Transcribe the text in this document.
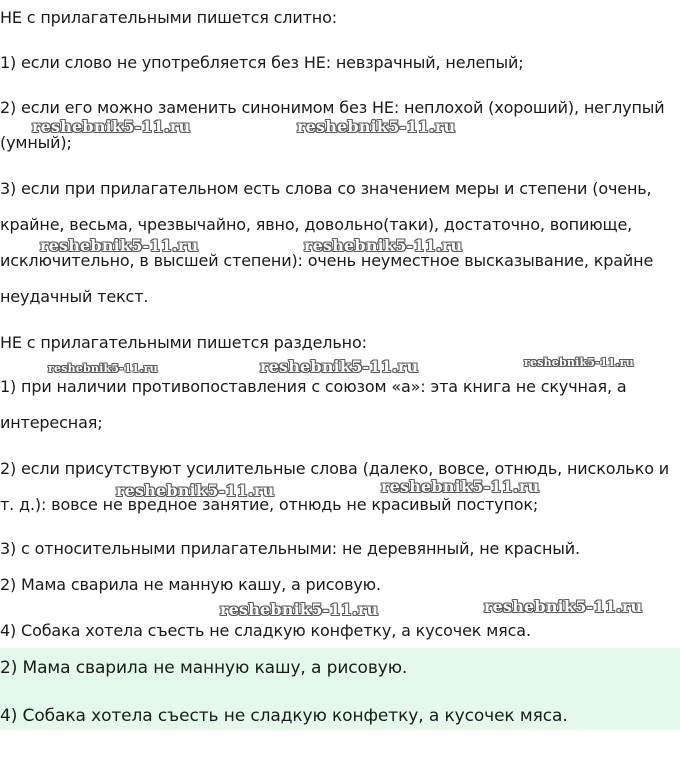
НЕ с прилагательными пишется слитно:
1) если слово не употребляется без НЕ: невзрачный, нелепый;
2) если его можно заменить синонимом без НЕ: неплохой (хороший), неглупый
(умный);
3) если при прилагательном есть слова со значением меры и степени (очень,
крайне, весьма, чрезвычайно, явно, довольно(таки), достаточно, вопиюще,
исключительно, в высшей степени): очень неуместное высказывание, крайне
неудачный текст.
НЕ с прилагательными пишется раздельно:
1) при наличии противопоставления с союзом «а»: эта книга не скучная, а
интересная;
2) если присутствуют усилительные слова (далеко, вовсе, отнюдь, нисколько и
т. д.): вовсе не вредное занятие, отнюдь не красивый поступок;
3) с относительными прилагательными: не деревянный, не красный.
2) Мама сварила не манную кашу, а рисовую.
4) Собака хотела съесть не сладкую конфетку, а кусочек мяса.
2) Мама сварила не манную кашу, а рисовую.
4) Собака хотела съесть не сладкую конфетку, а кусочек мяса.
reshebnik5-11.ru	reshebnik5-11.ru
reshebnik5-11.ru	reshebnik5-11.ru
reshebnik5-11.ru	reshebnik5-11.ru	reshebnik5-11.ru
reshebnik5-11.ru	reshebnik5-11.ru
reshebnik5-11.ru	reshebnik5-11.ru
